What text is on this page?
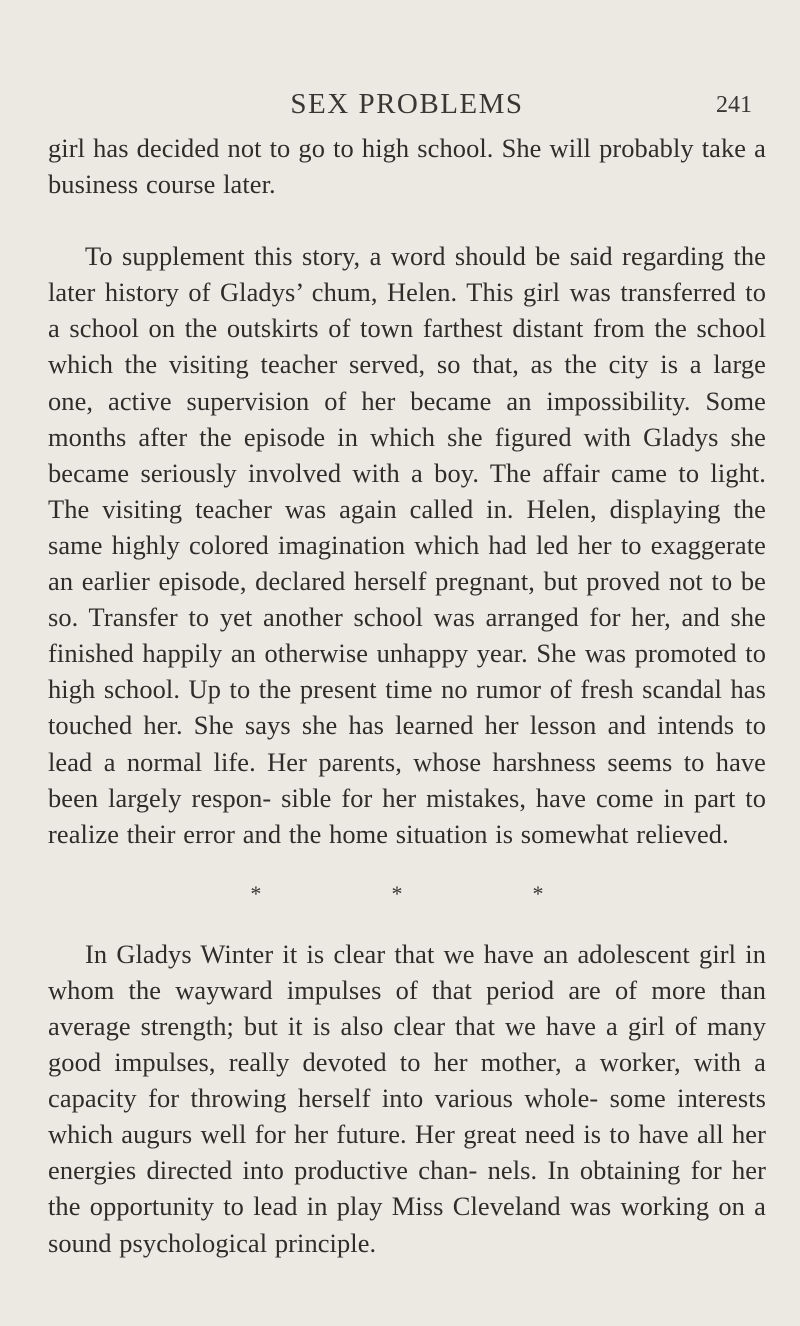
SEX PROBLEMS	241

girl has decided not to go to high school. She will probably take a business course later.

To supplement this story, a word should be said regarding the later history of Gladys’ chum, Helen. This girl was transferred to a school on the outskirts of town farthest distant from the school which the visiting teacher served, so that, as the city is a large one, active supervision of her became an impossibility. Some months after the episode in which she figured with Gladys she became seriously involved with a boy. The affair came to light. The visiting teacher was again called in. Helen, displaying the same highly colored imagination which had led her to exaggerate an earlier episode, declared herself pregnant, but proved not to be so. Transfer to yet another school was arranged for her, and she finished happily an otherwise unhappy year. She was promoted to high school. Up to the present time no rumor of fresh scandal has touched her. She says she has learned her lesson and intends to lead a normal life. Her parents, whose harshness seems to have been largely respon- sible for her mistakes, have come in part to realize their error and the home situation is somewhat relieved.

*	*	*

In Gladys Winter it is clear that we have an adolescent girl in whom the wayward impulses of that period are of more than average strength; but it is also clear that we have a girl of many good impulses, really devoted to her mother, a worker, with a capacity for throwing herself into various whole- some interests which augurs well for her future. Her great need is to have all her energies directed into productive chan- nels. In obtaining for her the opportunity to lead in play Miss Cleveland was working on a sound psychological principle.
